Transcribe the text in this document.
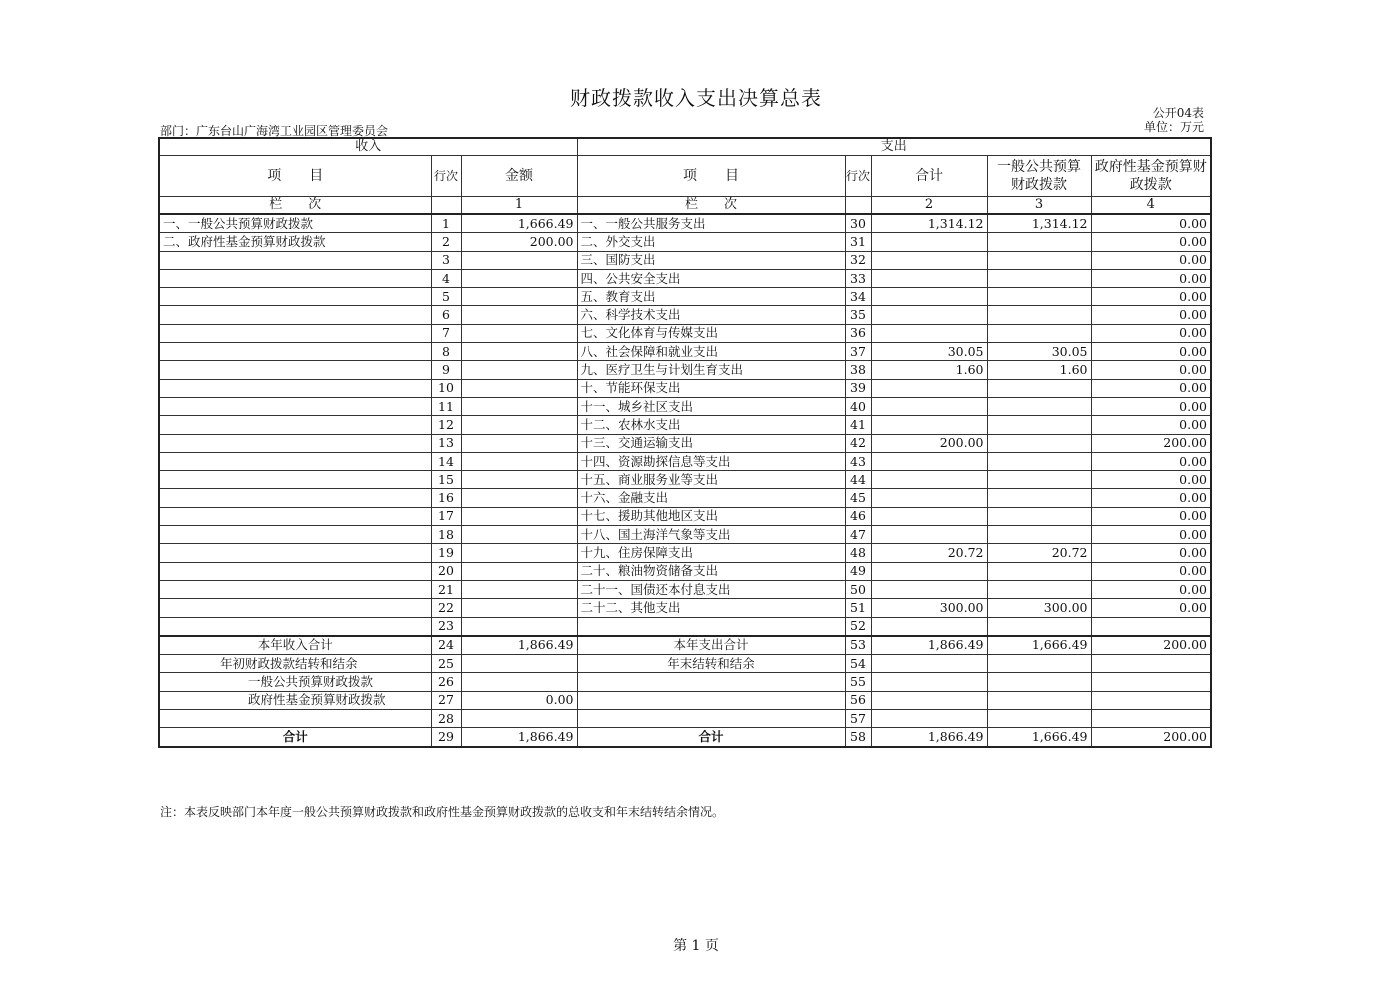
财政拨款收入支出决算总表
公开04表
单位：万元
部门：广东台山广海湾工业园区管理委员会
收入			支出				
项　　目	行次	金额	项　　目	行次	合计	一般公共预算财政拨款	政府性基金预算财政拨款
栏　　次		1	栏　　次		2	3	4
一、一般公共预算财政拨款	1	1,666.49	一、一般公共服务支出	30	1,314.12	1,314.12	0.00
二、政府性基金预算财政拨款	2	200.00	二、外交支出	31			0.00
	3		三、国防支出	32			0.00
	4		四、公共安全支出	33			0.00
	5		五、教育支出	34			0.00
	6		六、科学技术支出	35			0.00
	7		七、文化体育与传媒支出	36			0.00
	8		八、社会保障和就业支出	37	30.05	30.05	0.00
	9		九、医疗卫生与计划生育支出	38	1.60	1.60	0.00
	10		十、节能环保支出	39			0.00
	11		十一、城乡社区支出	40			0.00
	12		十二、农林水支出	41			0.00
	13		十三、交通运输支出	42	200.00		200.00
	14		十四、资源勘探信息等支出	43			0.00
	15		十五、商业服务业等支出	44			0.00
	16		十六、金融支出	45			0.00
	17		十七、援助其他地区支出	46			0.00
	18		十八、国土海洋气象等支出	47			0.00
	19		十九、住房保障支出	48	20.72	20.72	0.00
	20		二十、粮油物资储备支出	49			0.00
	21		二十一、国债还本付息支出	50			0.00
	22		二十二、其他支出	51	300.00	300.00	0.00
	23			52			
本年收入合计	24	1,866.49	本年支出合计	53	1,866.49	1,666.49	200.00
年初财政拨款结转和结余	25		年末结转和结余	54			
一般公共预算财政拨款	26			55			
政府性基金预算财政拨款	27	0.00		56			
	28			57			
合计	29	1,866.49	合计	58	1,866.49	1,666.49	200.00
注：本表反映部门本年度一般公共预算财政拨款和政府性基金预算财政拨款的总收支和年末结转结余情况。
第 1 页
